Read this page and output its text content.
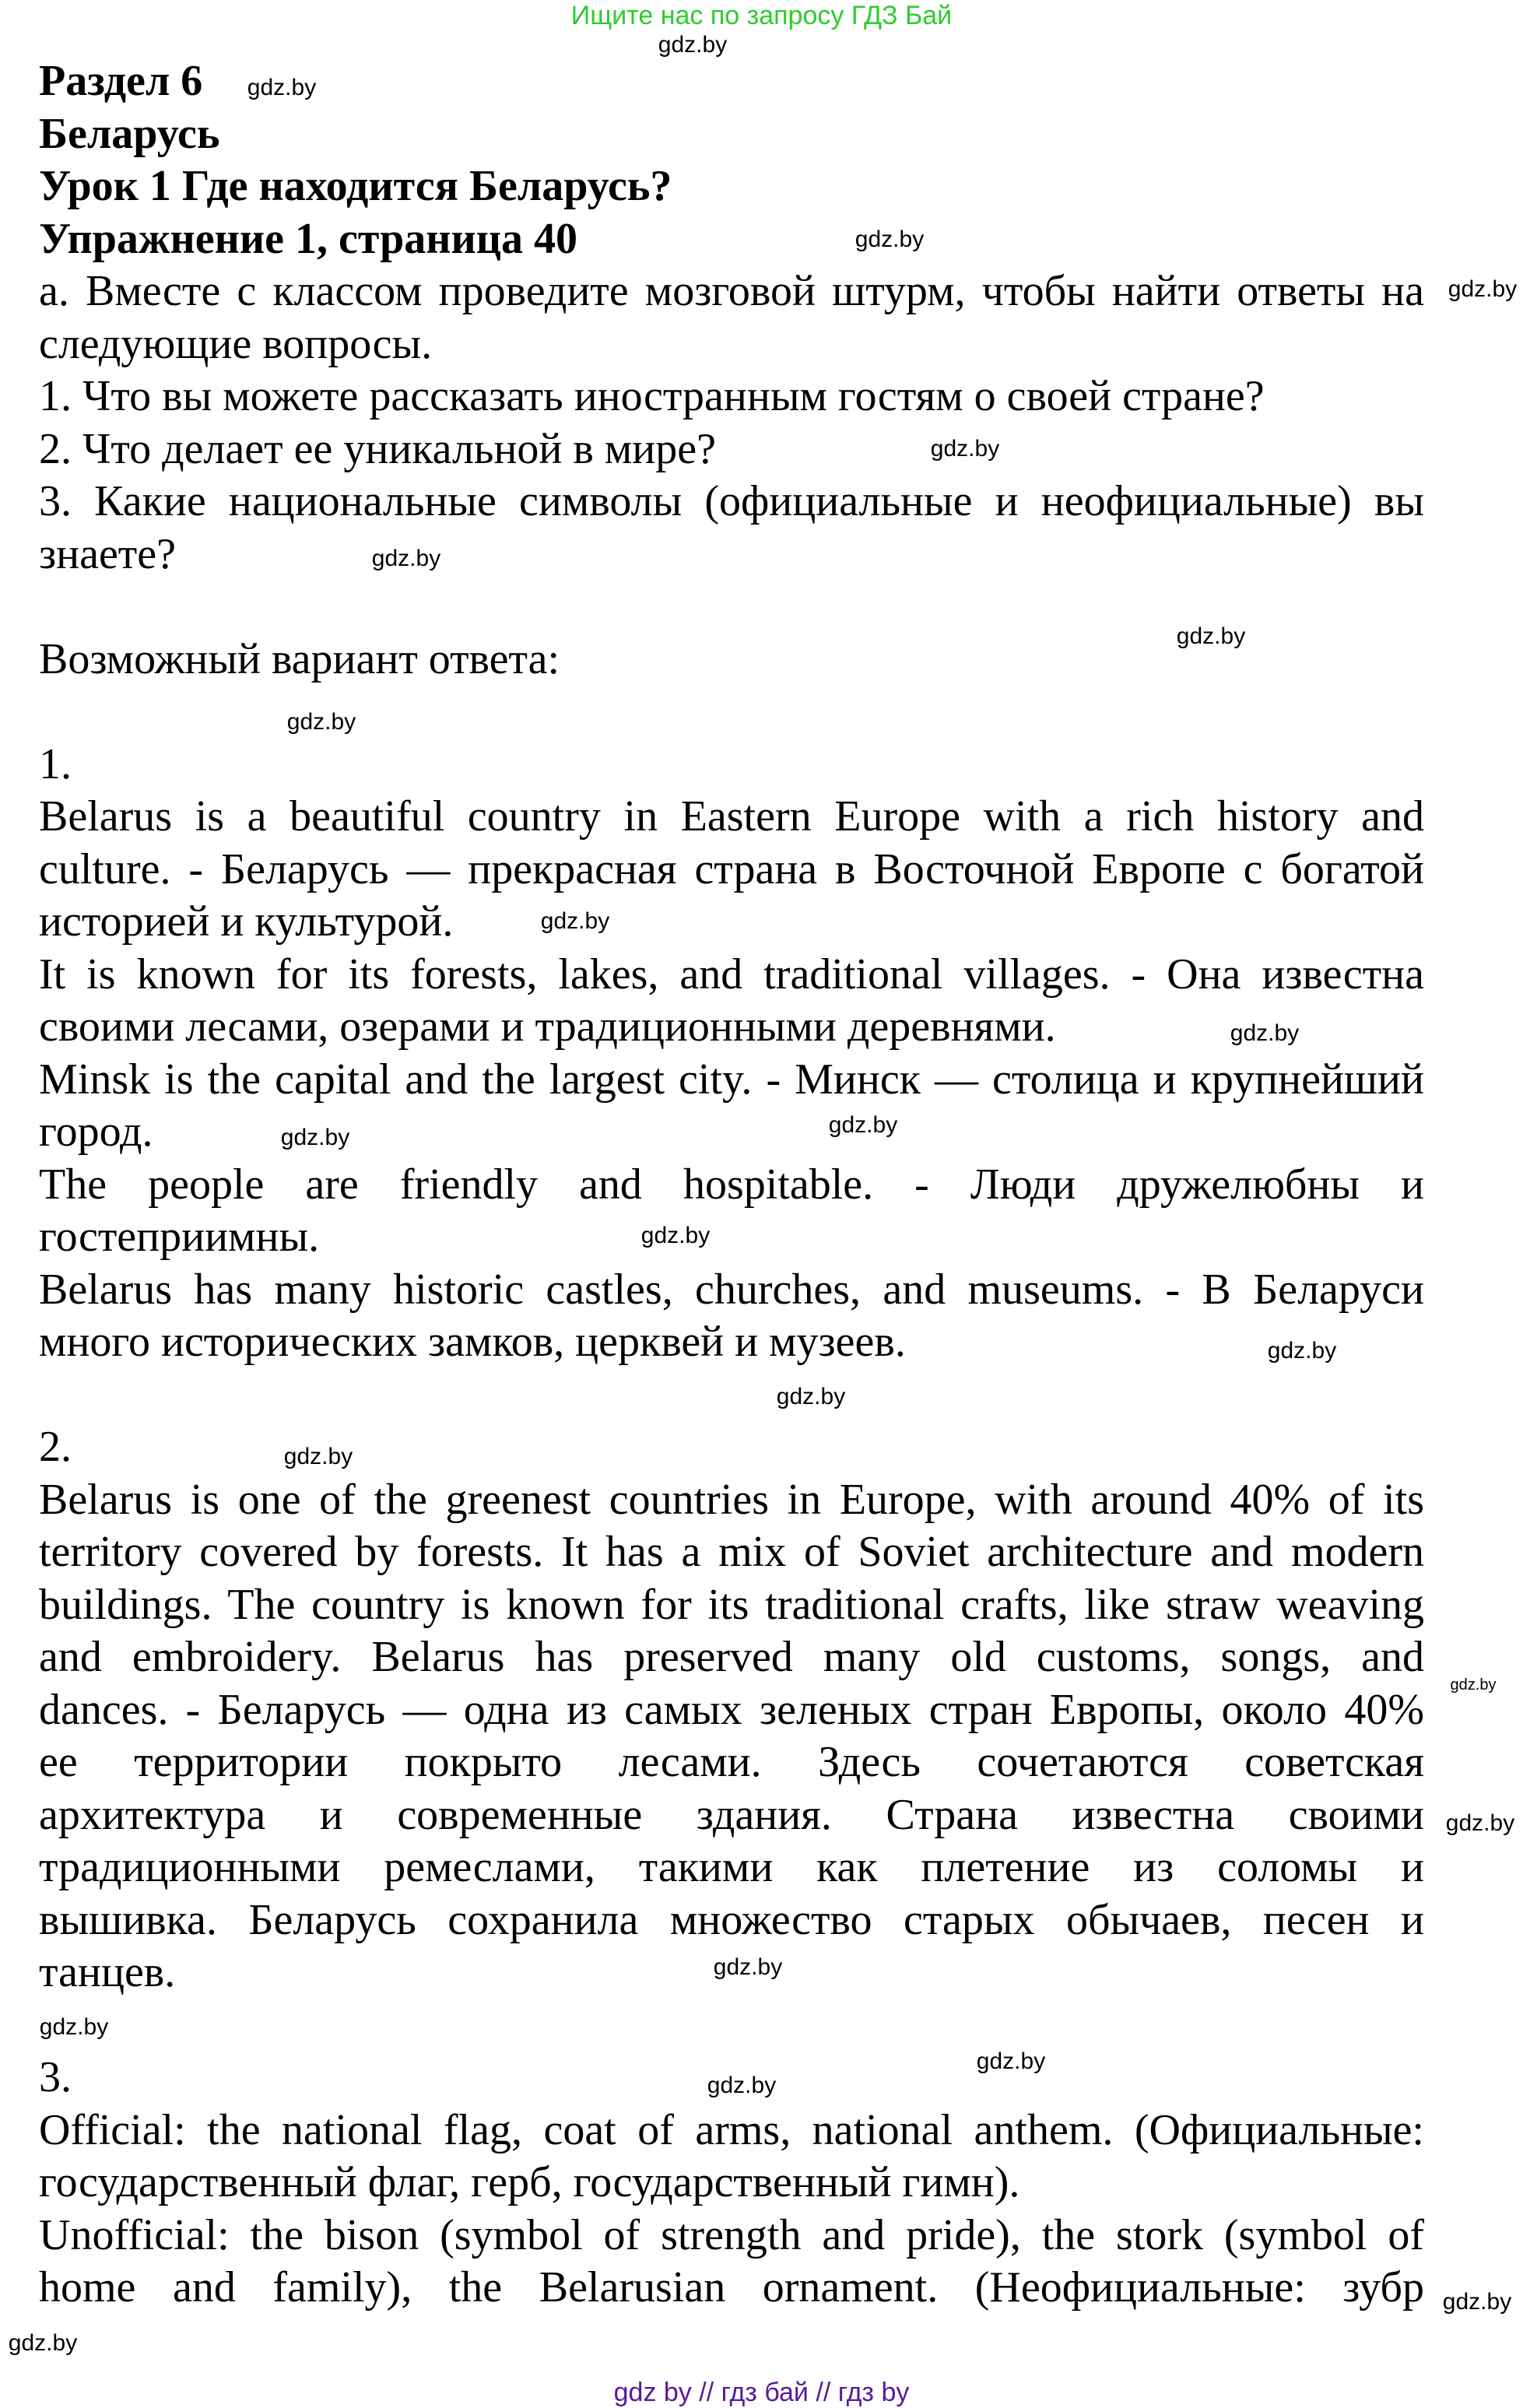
Ищите нас по запросу ГДЗ Бай
Раздел 6
Беларусь
Урок 1 Где находится Беларусь?
Упражнение 1, страница 40
а. Вместе с классом проведите мозговой штурм, чтобы найти ответы на
следующие вопросы.
1. Что вы можете рассказать иностранным гостям о своей стране?
2. Что делает ее уникальной в мире?
3. Какие национальные символы (официальные и неофициальные) вы
знаете?
Возможный вариант ответа:
1.
Belarus is a beautiful country in Eastern Europe with a rich history and
culture. - Беларусь — прекрасная страна в Восточной Европе с богатой
историей и культурой.
It is known for its forests, lakes, and traditional villages. - Она известна
своими лесами, озерами и традиционными деревнями.
Minsk is the capital and the largest city. - Минск — столица и крупнейший
город.
The people are friendly and hospitable. - Люди дружелюбны и
гостеприимны.
Belarus has many historic castles, churches, and museums. - В Беларуси
много исторических замков, церквей и музеев.
2.
Belarus is one of the greenest countries in Europe, with around 40% of its
territory covered by forests. It has a mix of Soviet architecture and modern
buildings. The country is known for its traditional crafts, like straw weaving
and embroidery. Belarus has preserved many old customs, songs, and
dances. - Беларусь — одна из самых зеленых стран Европы, около 40%
ее территории покрыто лесами. Здесь сочетаются советская
архитектура и современные здания. Страна известна своими
традиционными ремеслами, такими как плетение из соломы и
вышивка. Беларусь сохранила множество старых обычаев, песен и
танцев.
3.
Official: the national flag, coat of arms, national anthem. (Официальные:
государственный флаг, герб, государственный гимн).
Unofficial: the bison (symbol of strength and pride), the stork (symbol of
home and family), the Belarusian ornament. (Неофициальные: зубр
gdz.by
gdz.by
gdz.by
gdz.by
gdz.by
gdz.by
gdz.by
gdz.by
gdz.by
gdz.by
gdz.by
gdz.by
gdz.by
gdz.by
gdz.by
gdz.by
gdz.by
gdz.by
gdz.by
gdz.by
gdz.by
gdz.by
gdz.by
gdz.by
gdz by // гдз бай // гдз by
